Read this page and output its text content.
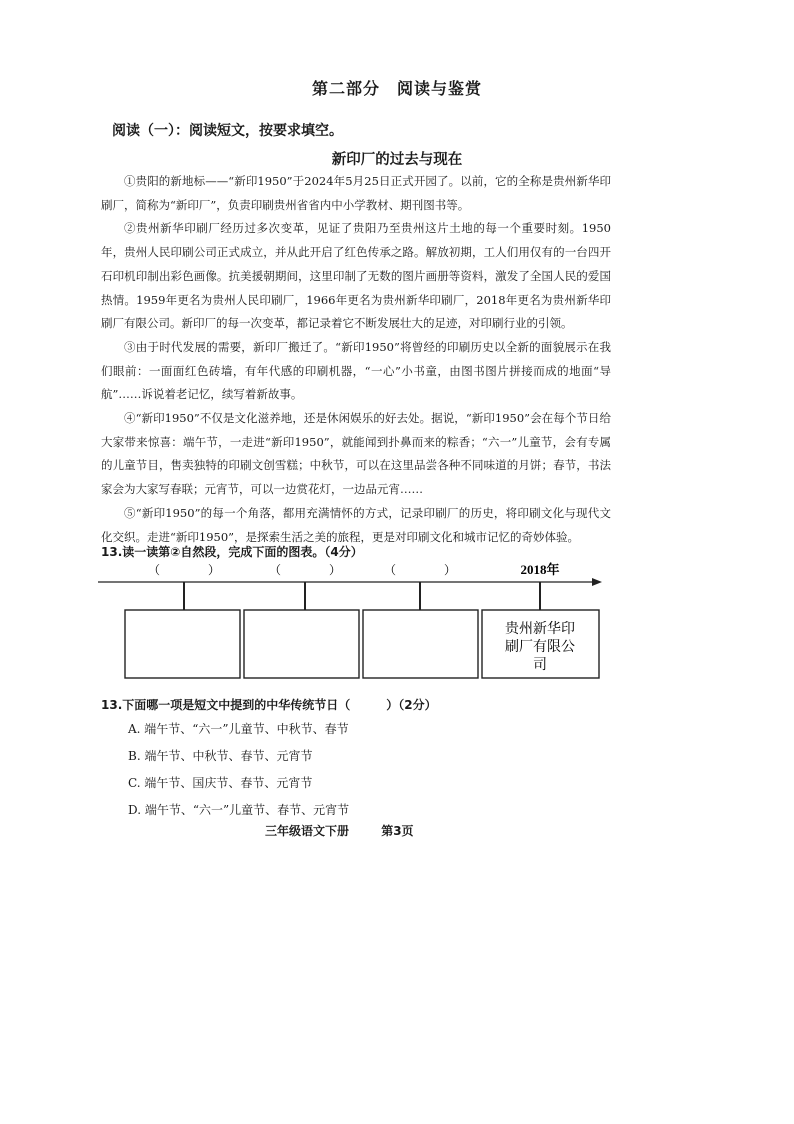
第二部分　阅读与鉴赏
阅读（一）：阅读短文，按要求填空。
新印厂的过去与现在

①贵阳的新地标——“新印1950”于2024年5月25日正式开园了。以前，它的全称是贵州新华印刷厂，简称为“新印厂”，负责印刷贵州省省内中小学教材、期刊图书等。

②贵州新华印刷厂经历过多次变革，见证了贵阳乃至贵州这片土地的每一个重要时刻。1950年，贵州人民印刷公司正式成立，并从此开启了红色传承之路。解放初期，工人们用仅有的一台四开石印机印制出彩色画像。抗美援朝期间，这里印制了无数的图片画册等资料，激发了全国人民的爱国热情。1959年更名为贵州人民印刷厂，1966年更名为贵州新华印刷厂，2018年更名为贵州新华印刷厂有限公司。新印厂的每一次变革，都记录着它不断发展壮大的足迹，对印刷行业的引领。

③由于时代发展的需要，新印厂搬迁了。“新印1950”将曾经的印刷历史以全新的面貌展示在我们眼前：一面面红色砖墙，有年代感的印刷机器，“一心”小书童，由图书图片拼接而成的地面“导航”……诉说着老记忆，续写着新故事。

④“新印1950”不仅是文化滋养地，还是休闲娱乐的好去处。据说，“新印1950”会在每个节日给大家带来惊喜：端午节，一走进“新印1950”，就能闻到扑鼻而来的粽香；“六一”儿童节，会有专属的儿童节目，售卖独特的印刷文创雪糕；中秋节，可以在这里品尝各种不同味道的月饼；春节，书法家会为大家写春联；元宵节，可以一边赏花灯，一边品元宵……

⑤“新印1950”的每一个角落，都用充满情怀的方式，记录印刷厂的历史，将印刷文化与现代文化交织。走进“新印1950”，是探索生活之美的旅程，更是对印刷文化和城市记忆的奇妙体验。

13.读一读第②自然段，完成下面的图表。（4分）
（　　　　）	（　　　　）	（　　　　）	2018年
贵州新华印
刷厂有限公
司
13.下面哪一项是短文中提到的中华传统节日（　　　）（2分）
A. 端午节、“六一”儿童节、中秋节、春节
B. 端午节、中秋节、春节、元宵节
C. 端午节、国庆节、春节、元宵节
D. 端午节、“六一”儿童节、春节、元宵节
三年级语文下册	第3页
